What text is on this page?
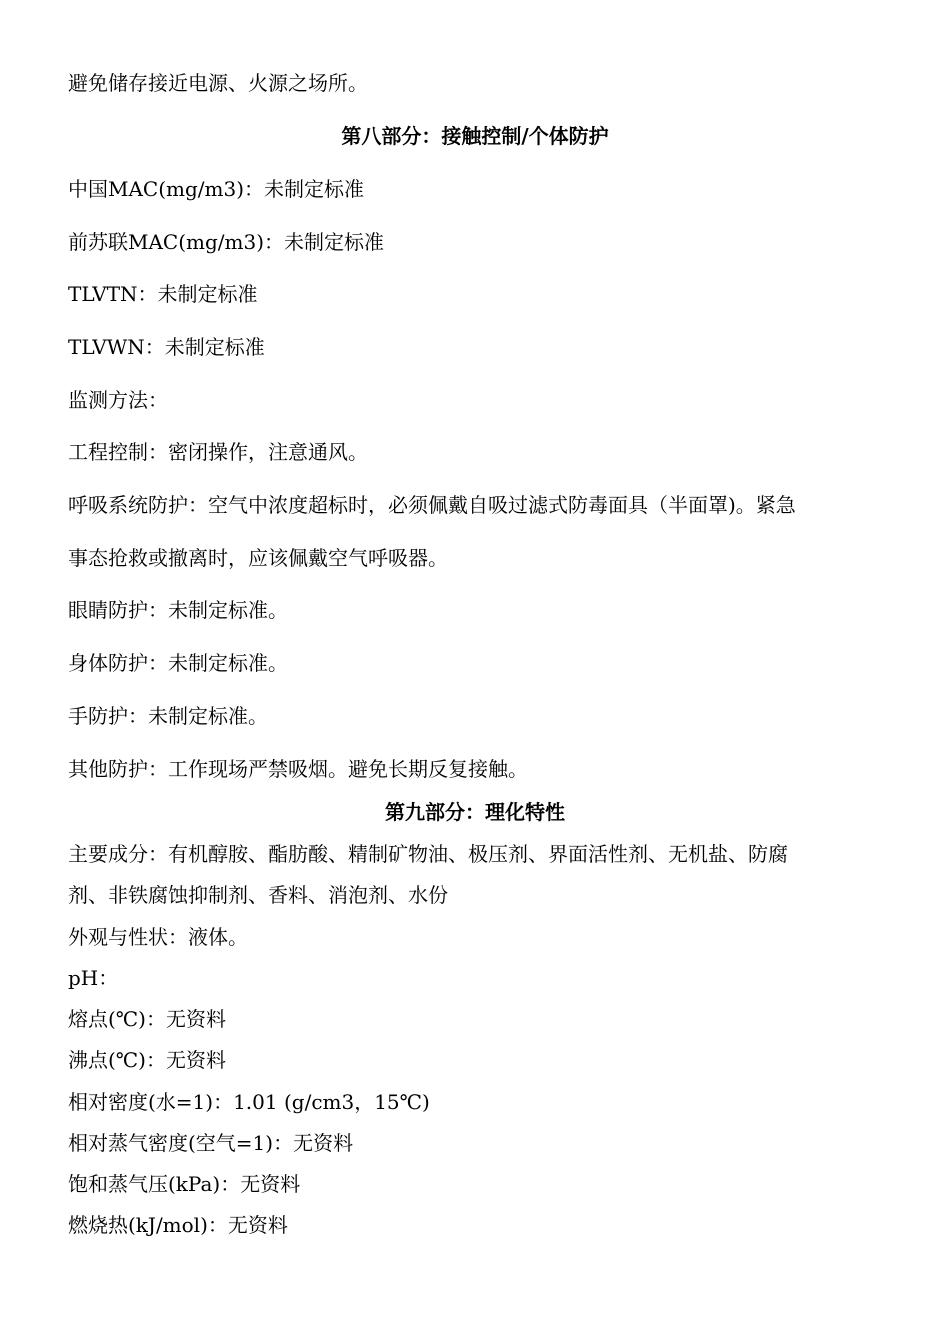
避免储存接近电源、火源之场所。
第八部分：接触控制/个体防护
中国MAC(mg/m3)：未制定标准
前苏联MAC(mg/m3)：未制定标准
TLVTN：未制定标准
TLVWN：未制定标准
监测方法：
工程控制：密闭操作，注意通风。
呼吸系统防护：空气中浓度超标时，必须佩戴自吸过滤式防毒面具（半面罩)。紧急
事态抢救或撤离时，应该佩戴空气呼吸器。
眼睛防护：未制定标准。
身体防护：未制定标准。
手防护：未制定标准。
其他防护：工作现场严禁吸烟。避免长期反复接触。
第九部分：理化特性
主要成分：有机醇胺、酯肪酸、精制矿物油、极压剂、界面活性剂、无机盐、防腐
剂、非铁腐蚀抑制剂、香料、消泡剂、水份
外观与性状：液体。
pH：
熔点(℃)：无资料
沸点(℃)：无资料
相对密度(水=1)：1.01 (g/cm3，15℃)
相对蒸气密度(空气=1)：无资料
饱和蒸气压(kPa)：无资料
燃烧热(kJ/mol)：无资料
